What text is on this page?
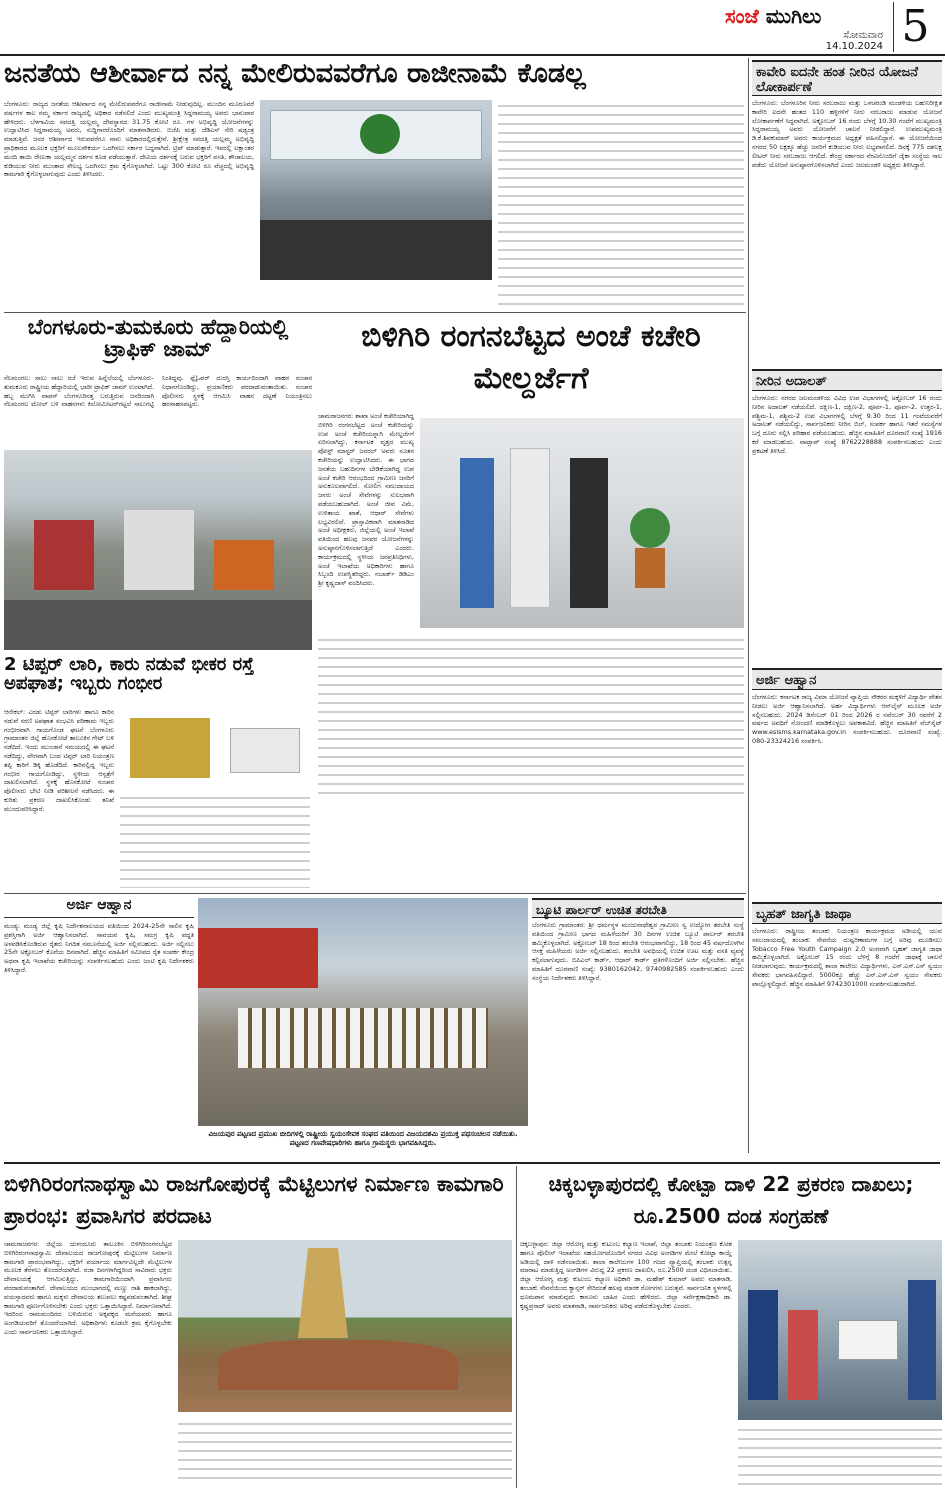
ಸಂಜೆ ಮುಗಿಲು
ಸೋಮವಾರ
14.10.2024 5
ಜನತೆಯ ಆಶೀರ್ವಾದ ನನ್ನ ಮೇಲಿರುವವರೆಗೂ ರಾಜೀನಾಮೆ ಕೊಡಲ್ಲ
ಬೆಂಗಳೂರು: ರಾಜ್ಯದ ಜನತೆಯ ಆಶೀರ್ವಾದ ನನ್ನ ಮೇಲಿರುವವರೆಗೂ ರಾಜೀನಾಮೆ ನೀಡುವುದಿಲ್ಲ. ಮುಂದಿನ ಮೂರೂವರೆ ವರ್ಷಗಳ ಕಾಲ ನಮ್ಮ ಸರ್ಕಾರ ರಾಜ್ಯದಲ್ಲಿ ಅಧಿಕಾರ ನಡೆಸಲಿದೆ ಎಂದು ಮುಖ್ಯಮಂತ್ರಿ ಸಿದ್ದರಾಮಯ್ಯ ಅವರು ಭಾನುವಾರ ಹೇಳಿದರು. ಬೆಳಗಾವಿಯ ಸವದತ್ತಿ ಯಲ್ಲಮ್ಮ ದೇವಸ್ಥಾನದ 31.75 ಕೋಟಿ ರೂ. ಗಳ ಅಭಿವೃದ್ಧಿ ಯೋಜನೆಗಳನ್ನು ಉದ್ಘಾಟಿಸಿದ ಸಿದ್ದರಾಮಯ್ಯ ಅವರು, ಸುದ್ದಿಗಾರರೊಂದಿಗೆ ಮಾತನಾಡಿದರು. ಬಿಜೆಪಿ ಮತ್ತು ಜೆಡಿಎಸ್ ಸೇರಿ ಷಡ್ಯಂತ್ರ ಮಾಡುತ್ತಿವೆ. ಜನರ ಆಶೀರ್ವಾದ ಇರುವವರೆಗೂ ನಾನು ಅಧಿಕಾರದಲ್ಲಿರುತ್ತೇನೆ. ಶ್ರೀಕ್ಷೇತ್ರ ಸವದತ್ತಿ ಯಲ್ಲಮ್ಮ ಅಭಿವೃದ್ಧಿ ಪ್ರಾಧಿಕಾರದ ಮೂಲಕ ಭಕ್ತರಿಗೆ ಮೂಲಸೌಕರ್ಯ ಒದಗಿಸಲು ಸರ್ಕಾರ ಬದ್ಧವಾಗಿದೆ. ಟ್ರಿಪ್ ಮಾಡುತ್ತಾರೆ. ಇವರಲ್ಲಿ ಲಕ್ಷಾಂತರ ಮಂದಿ ತಾಯಿ ರೇಣುಕಾ ಯಲ್ಲಮ್ಮನ ದರ್ಶನ ಕೂಡ ಪಡೆಯುತ್ತಾರೆ. ದೇವಿಯ ದರ್ಶನಕ್ಕೆ ಬರುವ ಭಕ್ತರಿಗೆ ವಸತಿ, ಶೌಚಾಲಯ, ಕುಡಿಯುವ ನೀರು ಮುಂತಾದ ಸೌಲಭ್ಯ ಒದಗಿಸಲು ಕ್ರಮ ಕೈಗೊಳ್ಳಲಾಗಿದೆ. ಒಟ್ಟು 300 ಕೋಟಿ ರೂ ವೆಚ್ಚದಲ್ಲಿ ಅಭಿವೃದ್ಧಿ ಕಾಮಗಾರಿ ಕೈಗೊಳ್ಳಲಾಗುವುದು ಎಂದು ತಿಳಿಸಿದರು.
ಕಾವೇರಿ ಐದನೇ ಹಂತ ನೀರಿನ ಯೋಜನೆ ಲೋಕಾರ್ಪಣೆ
ಬೆಂಗಳೂರು: ಬೆಂಗಳೂರಿನ ನೀರು ಸರಬರಾಜು ಮತ್ತು ಒಳಚರಂಡಿ ಮಂಡಳಿಯ ಬಹುನಿರೀಕ್ಷಿತ ಕಾವೇರಿ ಐದನೇ ಹಂತದ 110 ಹಳ್ಳಿಗಳಿಗೆ ನೀರು ಸರಬರಾಜು ಮಾಡುವ ಯೋಜನೆ ಲೋಕಾರ್ಪಣೆಗೆ ಸಿದ್ಧವಾಗಿದೆ. ಅಕ್ಟೋಬರ್ 16 ರಂದು ಬೆಳಗ್ಗೆ 10.30 ಗಂಟೆಗೆ ಮುಖ್ಯಮಂತ್ರಿ ಸಿದ್ದರಾಮಯ್ಯ ಅವರು ಯೋಜನೆಗೆ ಚಾಲನೆ ನೀಡಲಿದ್ದಾರೆ. ಉಪಮುಖ್ಯಮಂತ್ರಿ ಡಿ.ಕೆ.ಶಿವಕುಮಾರ್ ಅವರು ಕಾರ್ಯಕ್ರಮದ ಅಧ್ಯಕ್ಷತೆ ವಹಿಸಲಿದ್ದಾರೆ. ಈ ಯೋಜನೆಯಿಂದ ನಗರದ 50 ಲಕ್ಷಕ್ಕೂ ಹೆಚ್ಚು ಜನರಿಗೆ ಕುಡಿಯುವ ನೀರು ಲಭ್ಯವಾಗಲಿದೆ. ದಿನಕ್ಕೆ 775 ದಶಲಕ್ಷ ಲೀಟರ್ ನೀರು ಸರಬರಾಜು ಆಗಲಿದೆ. ಕೇಂದ್ರ ಸರ್ಕಾರದ ನೆರವಿನೊಂದಿಗೆ ಜೈಕಾ ಸಂಸ್ಥೆಯ ಸಾಲ ಪಡೆದು ಯೋಜನೆ ಅನುಷ್ಠಾನಗೊಳಿಸಲಾಗಿದೆ ಎಂದು ಜಲಮಂಡಳಿ ಅಧ್ಯಕ್ಷರು ತಿಳಿಸಿದ್ದಾರೆ.
ನೀರಿನ ಅದಾಲತ್
ಬೆಂಗಳೂರು: ನಗರದ ಜಲಮಂಡಳಿಯ ವಿವಿಧ ಉಪ ವಿಭಾಗಗಳಲ್ಲಿ ಅಕ್ಟೋಬರ್ 16 ರಂದು ನೀರಿನ ಅದಾಲತ್ ನಡೆಯಲಿದೆ. ದಕ್ಷಿಣ-1, ದಕ್ಷಿಣ-2, ಪೂರ್ವ-1, ಪೂರ್ವ-2, ಉತ್ತರ-1, ಪಶ್ಚಿಮ-1, ಪಶ್ಚಿಮ-2 ಉಪ ವಿಭಾಗಗಳಲ್ಲಿ ಬೆಳಗ್ಗೆ 9.30 ರಿಂದ 11 ಗಂಟೆಯವರೆಗೆ ಅದಾಲತ್ ನಡೆಯಲಿದ್ದು, ಸಾರ್ವಜನಿಕರು ನೀರಿನ ಬಿಲ್, ಸಂಪರ್ಕ ಹಾಗೂ ಇತರೆ ಸಮಸ್ಯೆಗಳ ಬಗ್ಗೆ ದೂರು ಸಲ್ಲಿಸಿ ಪರಿಹಾರ ಪಡೆಯಬಹುದು. ಹೆಚ್ಚಿನ ಮಾಹಿತಿಗೆ ದೂರವಾಣಿ ಸಂಖ್ಯೆ 1916 ಕರೆ ಮಾಡಬಹುದು. ವಾಟ್ಸಾಪ್ ಸಂಖ್ಯೆ 8762228888 ಸಂಪರ್ಕಿಸಬಹುದು ಎಂದು ಪ್ರಕಟಣೆ ತಿಳಿಸಿದೆ.
ಅರ್ಜಿ ಆಹ್ವಾನ
ಬೆಂಗಳೂರು: ಕರ್ನಾಟಕ ರಾಜ್ಯ ವಿಮಾ ಯೋಜನೆ ವ್ಯಾಪ್ತಿಯ ನೌಕರರ ಮಕ್ಕಳಿಗೆ ವಿದ್ಯಾರ್ಥಿ ವೇತನ ನೀಡಲು ಅರ್ಜಿ ಆಹ್ವಾನಿಸಲಾಗಿದೆ. ಅರ್ಹ ವಿದ್ಯಾರ್ಥಿಗಳು ಆನ್‌ಲೈನ್ ಮೂಲಕ ಅರ್ಜಿ ಸಲ್ಲಿಸಬಹುದು. 2024 ಡಿಸೆಂಬರ್ 01 ರಿಂದ 2026 ರ ನವೆಂಬರ್ 30 ರವರೆಗೆ 2 ವರ್ಷದ ಅವಧಿಗೆ ನೋಂದಣಿ ಮಾಡಿಕೊಳ್ಳಲು ಅವಕಾಶವಿದೆ. ಹೆಚ್ಚಿನ ಮಾಹಿತಿಗೆ ವೆಬ್‌ಸೈಟ್ www.esisms.karnataka.gov.in ಸಂಪರ್ಕಿಸಬಹುದು. ದೂರವಾಣಿ ಸಂಖ್ಯೆ: 080-23324216 ಸಂಪರ್ಕಿಸಿ.
ಬೃಹತ್ ಜಾಗೃತಿ ಜಾಥಾ
ಬೆಂಗಳೂರು: ರಾಷ್ಟ್ರೀಯ ತಂಬಾಕು ನಿಯಂತ್ರಣ ಕಾರ್ಯಕ್ರಮದ ಅಡಿಯಲ್ಲಿ ಯುವ ಸಮುದಾಯದಲ್ಲಿ ತಂಬಾಕು ಸೇವನೆಯ ದುಷ್ಪರಿಣಾಮಗಳ ಬಗ್ಗೆ ಅರಿವು ಮೂಡಿಸಲು Tobacco Free Youth Campaign 2.0 ಅಂಗವಾಗಿ ಬೃಹತ್ ಜಾಗೃತಿ ಜಾಥಾ ಹಮ್ಮಿಕೊಳ್ಳಲಾಗಿದೆ. ಅಕ್ಟೋಬರ್ 15 ರಂದು ಬೆಳಿಗ್ಗೆ 8 ಗಂಟೆಗೆ ಜಾಥಾಕ್ಕೆ ಚಾಲನೆ ನೀಡಲಾಗುವುದು. ಕಾರ್ಯಕ್ರಮದಲ್ಲಿ ಶಾಲಾ ಕಾಲೇಜು ವಿದ್ಯಾರ್ಥಿಗಳು, ಎನ್.ಎಸ್.ಎಸ್ ಸ್ವಯಂ ಸೇವಕರು ಭಾಗವಹಿಸಲಿದ್ದಾರೆ. 5000ಕ್ಕೂ ಹೆಚ್ಚು ಎನ್.ಎಸ್.ಎಸ್ ಸ್ವಯಂ ಸೇವಕರು ಪಾಲ್ಗೊಳ್ಳಲಿದ್ದಾರೆ. ಹೆಚ್ಚಿನ ಮಾಹಿತಿಗೆ 9742301000 ಸಂಪರ್ಕಿಸಬಹುದಾಗಿದೆ.
ಬೆಂಗಳೂರು-ತುಮಕೂರು ಹೆದ್ದಾರಿಯಲ್ಲಿ ಟ್ರಾಫಿಕ್ ಜಾಮ್
ನೆಲಮಂಗಲ: ಸಾಲು ಸಾಲು ರಜೆ ಇರುವ ಹಿನ್ನೆಲೆಯಲ್ಲಿ ಬೆಂಗಳೂರು-ತುಮಕೂರು ರಾಷ್ಟ್ರೀಯ ಹೆದ್ದಾರಿಯಲ್ಲಿ ಭಾರೀ ಟ್ರಾಫಿಕ್ ಜಾಮ್ ಉಂಟಾಗಿದೆ. ಹಬ್ಬ ಮುಗಿಸಿ ವಾಪಸ್ ಬೆಂಗಳೂರಿನತ್ತ ಬರುತ್ತಿರುವ ಜನರಿಂದಾಗಿ ನೆಲಮಂಗಲ ಟೋಲ್ ಬಳಿ ವಾಹನಗಳು ಕಿಲೋಮೀಟರ್‌ಗಟ್ಟಲೆ ಸಾಲುಗಟ್ಟಿ ನಿಂತಿದ್ದವು. ಫ್ಲೈಓವರ್ ದುರಸ್ತಿ ಕಾರ್ಯದಿಂದಾಗಿ ವಾಹನ ಸಂಚಾರ ನಿಧಾನಗೊಂಡಿದ್ದು, ಪ್ರಯಾಣಿಕರು ಪರದಾಡುವಂತಾಯಿತು. ಸಂಚಾರ ಪೊಲೀಸರು ಸ್ಥಳಕ್ಕೆ ಆಗಮಿಸಿ ವಾಹನ ದಟ್ಟಣೆ ನಿಯಂತ್ರಿಸಲು ಹರಸಾಹಸಪಟ್ಟರು.
ಬಿಳಿಗಿರಿ ರಂಗನಬೆಟ್ಟದ ಅಂಚೆ ಕಚೇರಿ ಮೇಲ್ದರ್ಜೆಗೆ
ಚಾಮರಾಜನಗರ: ಶಾಖಾ ಅಂಚೆ ಕಚೇರಿಯಾಗಿದ್ದ ಬಿಳಿಗಿರಿ ರಂಗನಬೆಟ್ಟದ ಅಂಚೆ ಕಚೇರಿಯನ್ನು ಉಪ ಅಂಚೆ ಕಚೇರಿಯನ್ನಾಗಿ ಮೇಲ್ದರ್ಜೆಗೆ ಏರಿಸಲಾಗಿದ್ದು, ಕರ್ನಾಟಕ ವೃತ್ತದ ಮುಖ್ಯ ಪೋಸ್ಟ್ ಮಾಸ್ಟರ್ ಜನರಲ್ ಅವರು ನೂತನ ಕಚೇರಿಯನ್ನು ಉದ್ಘಾಟಿಸಿದರು. ಈ ಭಾಗದ ಜನತೆಯ ಬಹುದಿನಗಳ ಬೇಡಿಕೆಯಾಗಿದ್ದ ಉಪ ಅಂಚೆ ಕಚೇರಿ ಆರಂಭದಿಂದ ಗ್ರಾಮೀಣ ಜನರಿಗೆ ಅನುಕೂಲವಾಗಲಿದೆ. ಸೋಲಿಗ ಸಮುದಾಯದ ಜನರು ಅಂಚೆ ಸೇವೆಗಳನ್ನು ಸುಲಭವಾಗಿ ಪಡೆಯಬಹುದಾಗಿದೆ. ಅಂಚೆ ಜೀವ ವಿಮೆ, ಉಳಿತಾಯ ಖಾತೆ, ಆಧಾರ್ ಸೇವೆಗಳು ಲಭ್ಯವಿರಲಿವೆ. ಪ್ರಾಸ್ತಾವಿಕವಾಗಿ ಮಾತನಾಡಿದ ಅಂಚೆ ಅಧೀಕ್ಷಕರು, ಜಿಲ್ಲೆಯಲ್ಲಿ ಅಂಚೆ ಇಲಾಖೆ ವತಿಯಿಂದ ಹಲವು ಜನಪರ ಯೋಜನೆಗಳನ್ನು ಅನುಷ್ಠಾನಗೊಳಿಸಲಾಗುತ್ತಿದೆ ಎಂದರು. ಕಾರ್ಯಕ್ರಮದಲ್ಲಿ ಸ್ಥಳೀಯ ಜನಪ್ರತಿನಿಧಿಗಳು, ಅಂಚೆ ಇಲಾಖೆಯ ಅಧಿಕಾರಿಗಳು ಹಾಗೂ ಸಿಬ್ಬಂದಿ ಉಪಸ್ಥಿತರಿದ್ದರು. ನಬಾರ್ಡ್ ಡಿಡಿಎಂ ಶ್ರೀ ಕೃಷ್ಣದಾಸ್ ವಂದಿಸಿದರು.
2 ಟಿಪ್ಪರ್ ಲಾರಿ, ಕಾರು ನಡುವೆ ಭೀಕರ ರಸ್ತೆ ಅಪಘಾತ; ಇಬ್ಬರು ಗಂಭೀರ
ಆನೇಕಲ್: ಎರಡು ಟಿಪ್ಪರ್ ಲಾರಿಗಳು ಹಾಗೂ ಕಾರಿನ ನಡುವೆ ಸರಣಿ ಅಪಘಾತ ಸಂಭವಿಸಿ ಪರಿಣಾಮ ಇಬ್ಬರು ಗಂಭೀರವಾಗಿ ಗಾಯಗೊಂಡ ಘಟನೆ ಬೆಂಗಳೂರು ಗ್ರಾಮಾಂತರ ಜಿಲ್ಲೆ ಹೊಸಕೋಟೆ ತಾಲೂಕಿನ ಗೇಟ್ ಬಳಿ ನಡೆದಿದೆ. ಇಂದು ಮುಂಜಾನೆ ಸಮಯದಲ್ಲಿ ಈ ಘಟನೆ ನಡೆದಿದ್ದು, ವೇಗವಾಗಿ ಬಂದ ಟಿಪ್ಪರ್ ಲಾರಿ ನಿಯಂತ್ರಣ ತಪ್ಪಿ ಕಾರಿಗೆ ಡಿಕ್ಕಿ ಹೊಡೆದಿದೆ. ಕಾರಿನಲ್ಲಿದ್ದ ಇಬ್ಬರು ಗಂಭೀರ ಗಾಯಗೊಂಡಿದ್ದು, ಸ್ಥಳೀಯ ಆಸ್ಪತ್ರೆಗೆ ದಾಖಲಿಸಲಾಗಿದೆ. ಸ್ಥಳಕ್ಕೆ ಹೊಸಕೋಟೆ ಸಂಚಾರ ಪೊಲೀಸರು ಭೇಟಿ ನೀಡಿ ಪರಿಶೀಲನೆ ನಡೆಸಿದರು. ಈ ಕುರಿತು ಪ್ರಕರಣ ದಾಖಲಿಸಿಕೊಂಡು ತನಿಖೆ ಮುಂದುವರಿಸಿದ್ದಾರೆ.
ಅರ್ಜಿ ಆಹ್ವಾನ
ಮಂಡ್ಯ: ಮಂಡ್ಯ ಜಿಲ್ಲೆ ಕೃಷಿ ನಿರ್ದೇಶನಾಲಯದ ವತಿಯಿಂದ 2024-25ನೇ ಸಾಲಿನ ಕೃಷಿ ಪ್ರಶಸ್ತಿಗಾಗಿ ಅರ್ಜಿ ಆಹ್ವಾನಿಸಲಾಗಿದೆ. ಸಾವಯವ ಕೃಷಿ, ಸಮಗ್ರ ಕೃಷಿ ಪದ್ಧತಿ ಅಳವಡಿಸಿಕೊಂಡಿರುವ ರೈತರು ನಿಗದಿತ ನಮೂನೆಯಲ್ಲಿ ಅರ್ಜಿ ಸಲ್ಲಿಸಬಹುದು. ಅರ್ಜಿ ಸಲ್ಲಿಸಲು 25ನೇ ಅಕ್ಟೋಬರ್ ಕೊನೆಯ ದಿನವಾಗಿದೆ. ಹೆಚ್ಚಿನ ಮಾಹಿತಿಗೆ ಸಮೀಪದ ರೈತ ಸಂಪರ್ಕ ಕೇಂದ್ರ ಅಥವಾ ಕೃಷಿ ಇಲಾಖೆಯ ಕಚೇರಿಯನ್ನು ಸಂಪರ್ಕಿಸಬಹುದು ಎಂದು ಜಂಟಿ ಕೃಷಿ ನಿರ್ದೇಶಕರು ತಿಳಿಸಿದ್ದಾರೆ.
ವಿಜಯಪುರ ಪಟ್ಟಣದ ಪ್ರಮುಖ ಬೀದಿಗಳಲ್ಲಿ ರಾಷ್ಟ್ರೀಯ ಸ್ವಯಂಸೇವಕ ಸಂಘದ ವತಿಯಿಂದ ವಿಜಯದಶಮಿ ಪ್ರಯುಕ್ತ ಪಥಸಂಚಲನ ನಡೆಯಿತು. ಪಟ್ಟಣದ ಗಣವೇಷಧಾರಿಗಳು ಹಾಗೂ ಗ್ರಾಮಸ್ಥರು ಭಾಗವಹಿಸಿದ್ದರು.
ಬ್ಯೂಟಿ ಪಾರ್ಲರ್ ಉಚಿತ ತರಬೇತಿ
ಬೆಂಗಳೂರು ಗ್ರಾಮಾಂತರ: ಶ್ರೀ ಧರ್ಮಸ್ಥಳ ಮಂಜುನಾಥೇಶ್ವರ ಗ್ರಾಮೀಣ ಸ್ವ ಉದ್ಯೋಗ ತರಬೇತಿ ಸಂಸ್ಥೆ ವತಿಯಿಂದ ಗ್ರಾಮೀಣ ಭಾಗದ ಮಹಿಳೆಯರಿಗೆ 30 ದಿನಗಳ ಉಚಿತ ಬ್ಯೂಟಿ ಪಾರ್ಲರ್ ತರಬೇತಿ ಹಮ್ಮಿಕೊಳ್ಳಲಾಗಿದೆ. ಅಕ್ಟೋಬರ್ 18 ರಿಂದ ತರಬೇತಿ ಆರಂಭವಾಗಲಿದ್ದು, 18 ರಿಂದ 45 ವರ್ಷದೊಳಗಿನ ಆಸಕ್ತ ಮಹಿಳೆಯರು ಅರ್ಜಿ ಸಲ್ಲಿಸಬಹುದು. ತರಬೇತಿ ಅವಧಿಯಲ್ಲಿ ಉಚಿತ ಊಟ ಮತ್ತು ವಸತಿ ವ್ಯವಸ್ಥೆ ಕಲ್ಪಿಸಲಾಗುವುದು. ಬಿಪಿಎಲ್ ಕಾರ್ಡ್, ಆಧಾರ್ ಕಾರ್ಡ್ ಪ್ರತಿಗಳೊಂದಿಗೆ ಅರ್ಜಿ ಸಲ್ಲಿಸಬೇಕು. ಹೆಚ್ಚಿನ ಮಾಹಿತಿಗೆ ದೂರವಾಣಿ ಸಂಖ್ಯೆ: 9380162042, 9740982585 ಸಂಪರ್ಕಿಸಬಹುದು ಎಂದು ಸಂಸ್ಥೆಯ ನಿರ್ದೇಶಕರು ತಿಳಿಸಿದ್ದಾರೆ.
ಬಿಳಿಗಿರಿರಂಗನಾಥಸ್ವಾಮಿ ರಾಜಗೋಪುರಕ್ಕೆ ಮೆಟ್ಟಿಲುಗಳ ನಿರ್ಮಾಣ ಕಾಮಗಾರಿ ಪ್ರಾರಂಭ: ಪ್ರವಾಸಿಗರ ಪರದಾಟ
ಚಾಮರಾಜನಗರ: ಜಿಲ್ಲೆಯ ಯಳಂದೂರು ತಾಲೂಕಿನ ಬಿಳಿಗಿರಿರಂಗನಬೆಟ್ಟದ ಬಿಳಿಗಿರಿರಂಗನಾಥಸ್ವಾಮಿ ದೇವಾಲಯದ ರಾಜಗೋಪುರಕ್ಕೆ ಮೆಟ್ಟಿಲುಗಳ ನಿರ್ಮಾಣ ಕಾಮಗಾರಿ ಪ್ರಾರಂಭವಾಗಿದ್ದು, ಭಕ್ತರಿಗೆ ಪರ್ಯಾಯ ಮಾರ್ಗವಿಲ್ಲದೇ ಮೆಟ್ಟಿಲುಗಳ ಮೂಲಕ ತೆರಳಲು ತೊಂದರೆಯಾಗಿದೆ. ರಜಾ ದಿನಗಳಾಗಿದ್ದರಿಂದ ಸಾವಿರಾರು ಭಕ್ತರು ದೇವಾಲಯಕ್ಕೆ ಆಗಮಿಸುತ್ತಿದ್ದು, ಕಾಮಗಾರಿಯಿಂದಾಗಿ ಪ್ರವಾಸಿಗರು ಪರದಾಡುವಂತಾಗಿದೆ. ದೇವಾಲಯದ ಮುಂಭಾಗದಲ್ಲಿ ಮಣ್ಣು ರಾಶಿ ಹಾಕಲಾಗಿದ್ದು, ವಯಸ್ಸಾದವರು ಹಾಗೂ ಮಕ್ಕಳು ದೇವಾಲಯ ತಲುಪಲು ಕಷ್ಟಪಡುವಂತಾಗಿದೆ. ಶೀಘ್ರ ಕಾಮಗಾರಿ ಪೂರ್ಣಗೊಳಿಸಬೇಕು ಎಂದು ಭಕ್ತರು ಒತ್ತಾಯಿಸಿದ್ದಾರೆ. ನಿರ್ಮಾಣವಾಗಿದೆ. ಇದರಿಂದ ರಾಮಮಂದಿರದ ಬಳಿಯಿರುವ ಅಕ್ಕಪಕ್ಕದ ಮನೆಯವರು ಹಾಗೂ ಅಂಗಡಿಯವರಿಗೆ ತೊಂದರೆಯಾಗಿದೆ. ಅಧಿಕಾರಿಗಳು ಕೂಡಲೇ ಕ್ರಮ ಕೈಗೊಳ್ಳಬೇಕು ಎಂದು ಸಾರ್ವಜನಿಕರು ಒತ್ತಾಯಿಸಿದ್ದಾರೆ.
ಚಿಕ್ಕಬಳ್ಳಾಪುರದಲ್ಲಿ ಕೋಟ್ಪಾ ದಾಳಿ 22 ಪ್ರಕರಣ ದಾಖಲು; ರೂ.2500 ದಂಡ ಸಂಗ್ರಹಣೆ
ಚಿಕ್ಕಬಳ್ಳಾಪುರ: ಜಿಲ್ಲಾ ಆರೋಗ್ಯ ಮತ್ತು ಕುಟುಂಬ ಕಲ್ಯಾಣ ಇಲಾಖೆ, ಜಿಲ್ಲಾ ತಂಬಾಕು ನಿಯಂತ್ರಣ ಕೋಶ ಹಾಗೂ ಪೊಲೀಸ್ ಇಲಾಖೆಯ ಸಹಯೋಗದೊಂದಿಗೆ ನಗರದ ವಿವಿಧ ಅಂಗಡಿಗಳ ಮೇಲೆ ಕೋಟ್ಪಾ ಕಾಯ್ದೆ ಅಡಿಯಲ್ಲಿ ದಾಳಿ ನಡೆಸಲಾಯಿತು. ಶಾಲಾ ಕಾಲೇಜುಗಳ 100 ಗಜದ ವ್ಯಾಪ್ತಿಯಲ್ಲಿ ತಂಬಾಕು ಉತ್ಪನ್ನ ಮಾರಾಟ ಮಾಡುತ್ತಿದ್ದ ಅಂಗಡಿಗಳ ವಿರುದ್ಧ 22 ಪ್ರಕರಣ ದಾಖಲಿಸಿ, ರೂ.2500 ದಂಡ ವಿಧಿಸಲಾಯಿತು. ಜಿಲ್ಲಾ ಆರೋಗ್ಯ ಮತ್ತು ಕುಟುಂಬ ಕಲ್ಯಾಣ ಅಧಿಕಾರಿ ಡಾ. ಮಹೇಶ್ ಕುಮಾರ್ ಅವರು ಮಾತನಾಡಿ, ತಂಬಾಕು ಸೇವನೆಯಿಂದ ಕ್ಯಾನ್ಸರ್ ಸೇರಿದಂತೆ ಹಲವು ಮಾರಕ ರೋಗಗಳು ಬರುತ್ತವೆ. ಸಾರ್ವಜನಿಕ ಸ್ಥಳಗಳಲ್ಲಿ ಧೂಮಪಾನ ಮಾಡುವುದು ಕಾನೂನು ಬಾಹಿರ ಎಂದು ಹೇಳಿದರು. ಜಿಲ್ಲಾ ಸರ್ವೇಕ್ಷಣಾಧಿಕಾರಿ ಡಾ. ಕೃಷ್ಣಪ್ರಸಾದ್ ಅವರು ಮಾತನಾಡಿ, ಸಾರ್ವಜನಿಕರು ಅರಿವು ಪಡೆದುಕೊಳ್ಳಬೇಕು ಎಂದರು.
